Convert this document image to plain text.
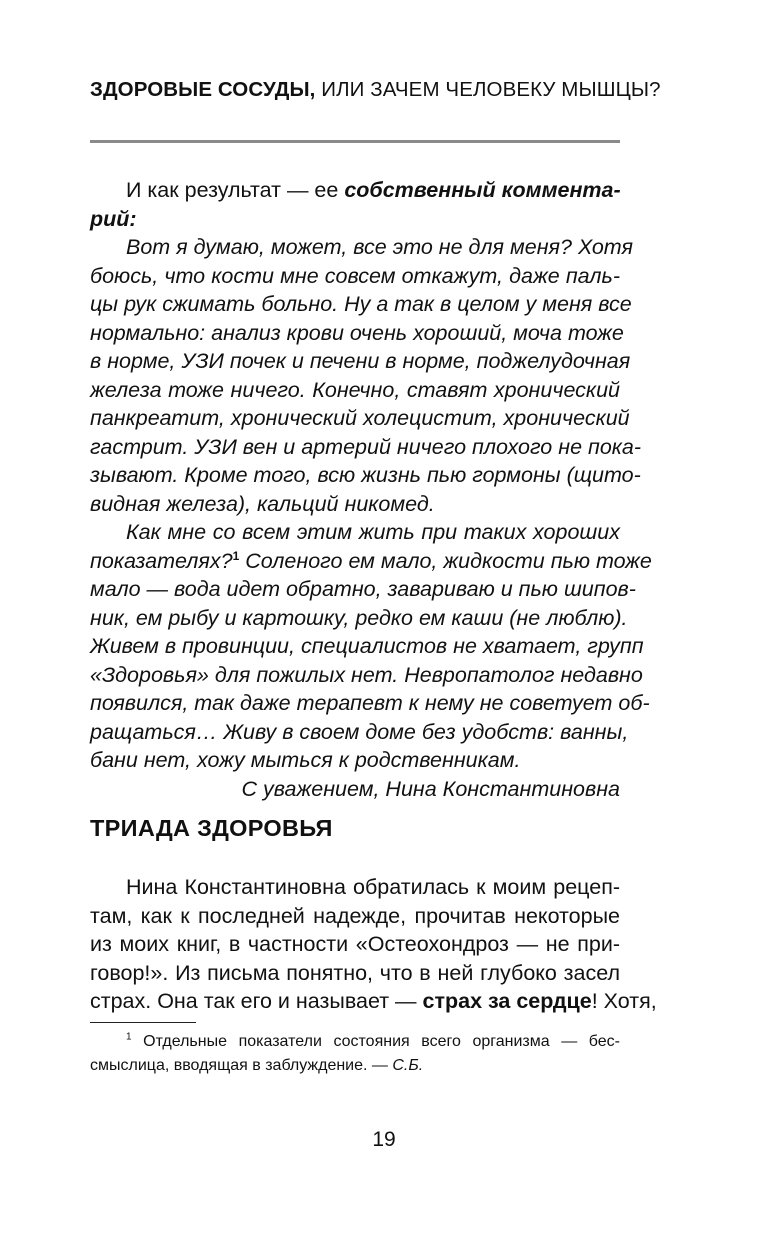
ЗДОРОВЫЕ СОСУДЫ, ИЛИ ЗАЧЕМ ЧЕЛОВЕКУ МЫШЦЫ?
И как результат — ее собственный коммента-
рий:
Вот я думаю, может, все это не для меня? Хотя
боюсь, что кости мне совсем откажут, даже паль-
цы рук сжимать больно. Ну а так в целом у меня все
нормально: анализ крови очень хороший, моча тоже
в норме, УЗИ почек и печени в норме, поджелудочная
железа тоже ничего. Конечно, ставят хронический
панкреатит, хронический холецистит, хронический
гастрит. УЗИ вен и артерий ничего плохого не пока-
зывают. Кроме того, всю жизнь пью гормоны (щито-
видная железа), кальций никомед.
Как мне со всем этим жить при таких хороших
показателях?$^1$ Соленого ем мало, жидкости пью тоже
мало — вода идет обратно, завариваю и пью шипов-
ник, ем рыбу и картошку, редко ем каши (не люблю).
Живем в провинции, специалистов не хватает, групп
«Здоровья» для пожилых нет. Невропатолог недавно
появился, так даже терапевт к нему не советует об-
ращаться… Живу в своем доме без удобств: ванны,
бани нет, хожу мыться к родственникам.
С уважением, Нина Константиновна
ТРИАДА ЗДОРОВЬЯ
Нина Константиновна обратилась к моим рецеп-
там, как к последней надежде, прочитав некоторые
из моих книг, в частности «Остеохондроз — не при-
говор!». Из письма понятно, что в ней глубоко засел
страх. Она так его и называет — страх за сердце! Хотя,
$^1$ Отдельные показатели состояния всего организма — бес-
смыслица, вводящая в заблуждение. — С.Б.
19
